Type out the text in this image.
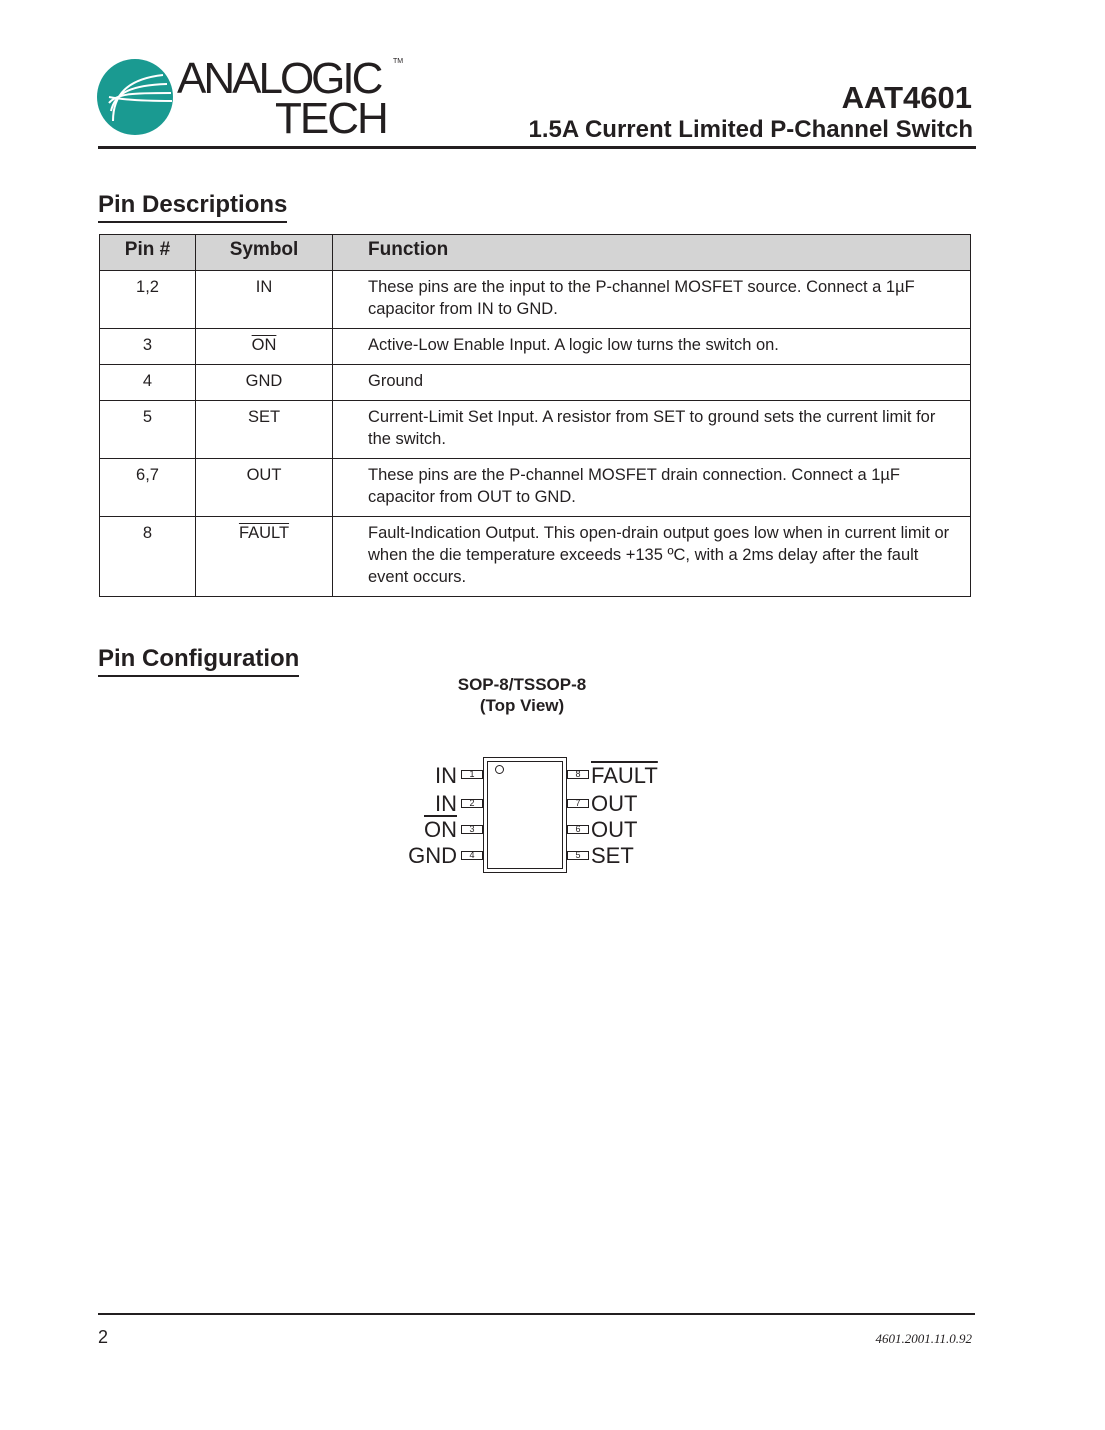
ANALOGIC
TECH
TM
AAT4601
1.5A Current Limited P-Channel Switch
Pin Descriptions
Pin #	Symbol	Function
1,2	IN	These pins are the input to the P-channel MOSFET source. Connect a 1µF capacitor from IN to GND.
3	$\overline{ON}$	Active-Low Enable Input. A logic low turns the switch on.
4	GND	Ground
5	SET	Current-Limit Set Input. A resistor from SET to ground sets the current limit for the switch.
6,7	OUT	These pins are the P-channel MOSFET drain connection. Connect a 1µF capacitor from OUT to GND.
8	FAULT	Fault-Indication Output. This open-drain output goes low when in current limit or when the die temperature exceeds +135 ºC, with a 2ms delay after the fault event occurs.
Pin Configuration
SOP-8/TSSOP-8
(Top View)
1
IN
2
IN
3
$\overline{ON}$
4
GND
8 FAULT
7 OUT
6 OUT
5 SET
2	4601.2001.11.0.92
